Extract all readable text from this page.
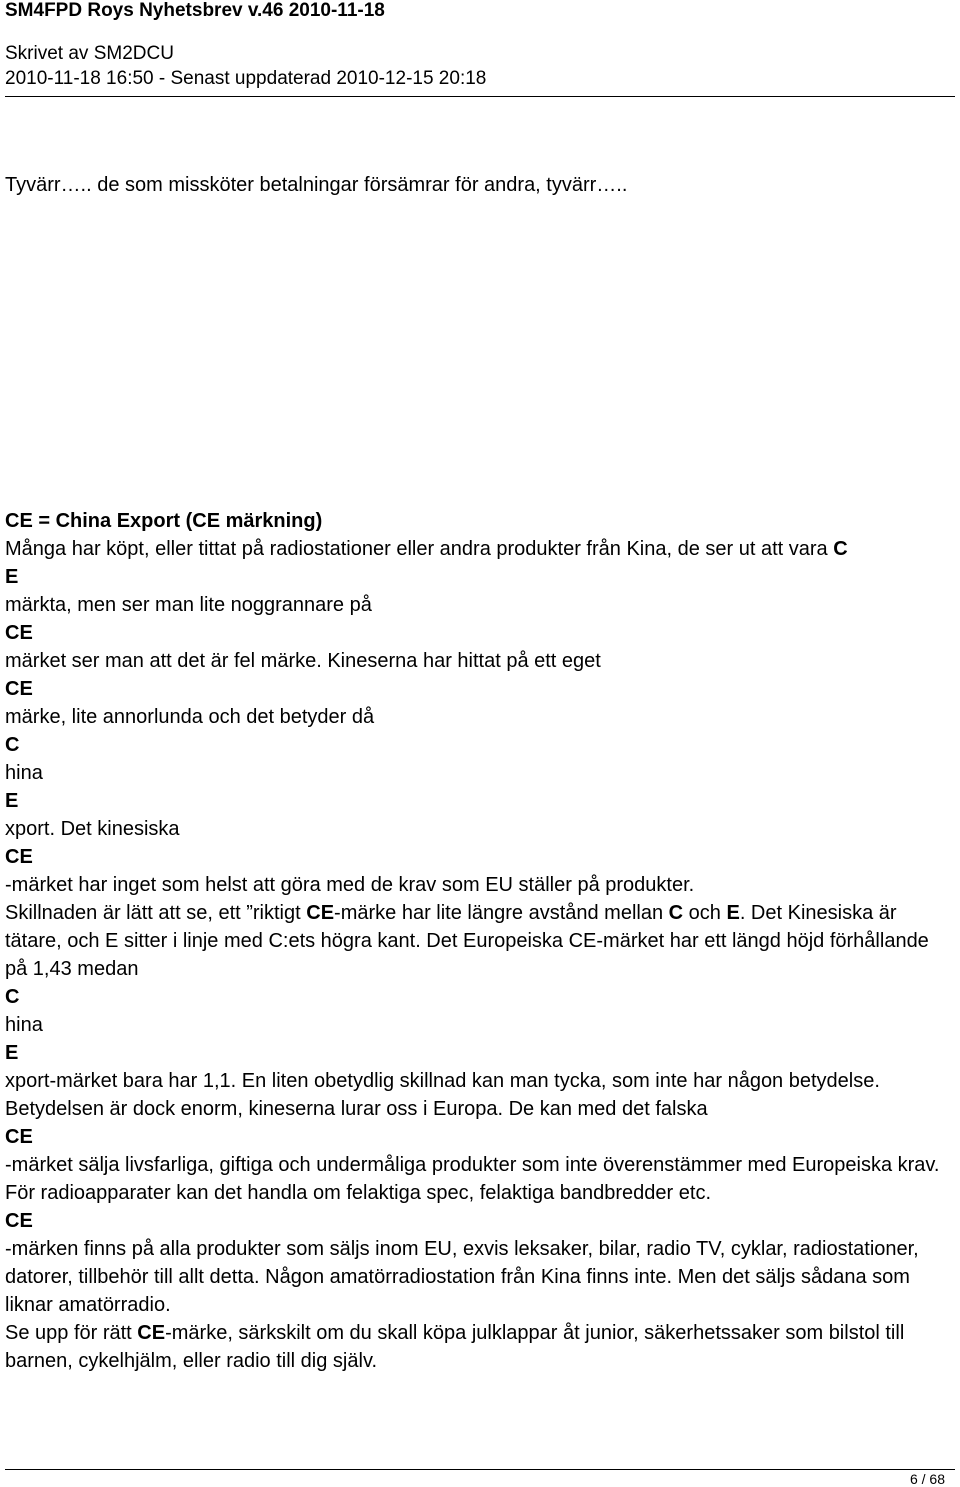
SM4FPD Roys Nyhetsbrev v.46 2010-11-18
Skrivet av SM2DCU
2010-11-18 16:50 - Senast uppdaterad 2010-12-15 20:18
Tyvärr….. de som missköter betalningar försämrar för andra, tyvärr…..

CE = China Export (CE märkning)

Många har köpt, eller tittat på radiostationer eller andra produkter från Kina, de ser ut att vara C

E

märkta, men ser man lite noggrannare på

CE

märket ser man att det är fel märke. Kineserna har hittat på ett eget

CE

märke, lite annorlunda och det betyder då

C

hina

E

xport. Det kinesiska

CE

-märket har inget som helst att göra med de krav som EU ställer på produkter.

Skillnaden är lätt att se, ett ”riktigt CE-märke har lite längre avstånd mellan C och E. Det Kinesiska är tätare, och E sitter i linje med C:ets högra kant. Det Europeiska CE-märket har ett längd höjd förhållande på 1,43 medan

C

hina

E

xport-märket bara har 1,1. En liten obetydlig skillnad kan man tycka, som inte har någon betydelse. Betydelsen är dock enorm, kineserna lurar oss i Europa. De kan med det falska

CE

-märket sälja livsfarliga, giftiga och undermåliga produkter som inte överenstämmer med Europeiska krav. För radioapparater kan det handla om felaktiga spec, felaktiga bandbredder etc.

CE

-märken finns på alla produkter som säljs inom EU, exvis leksaker, bilar, radio TV, cyklar, radiostationer, datorer, tillbehör till allt detta. Någon amatörradiostation från Kina finns inte. Men det säljs sådana som liknar amatörradio.

Se upp för rätt CE-märke, särkskilt om du skall köpa julklappar åt junior, säkerhetssaker som bilstol till barnen, cykelhjälm, eller radio till dig själv.

6 / 68
